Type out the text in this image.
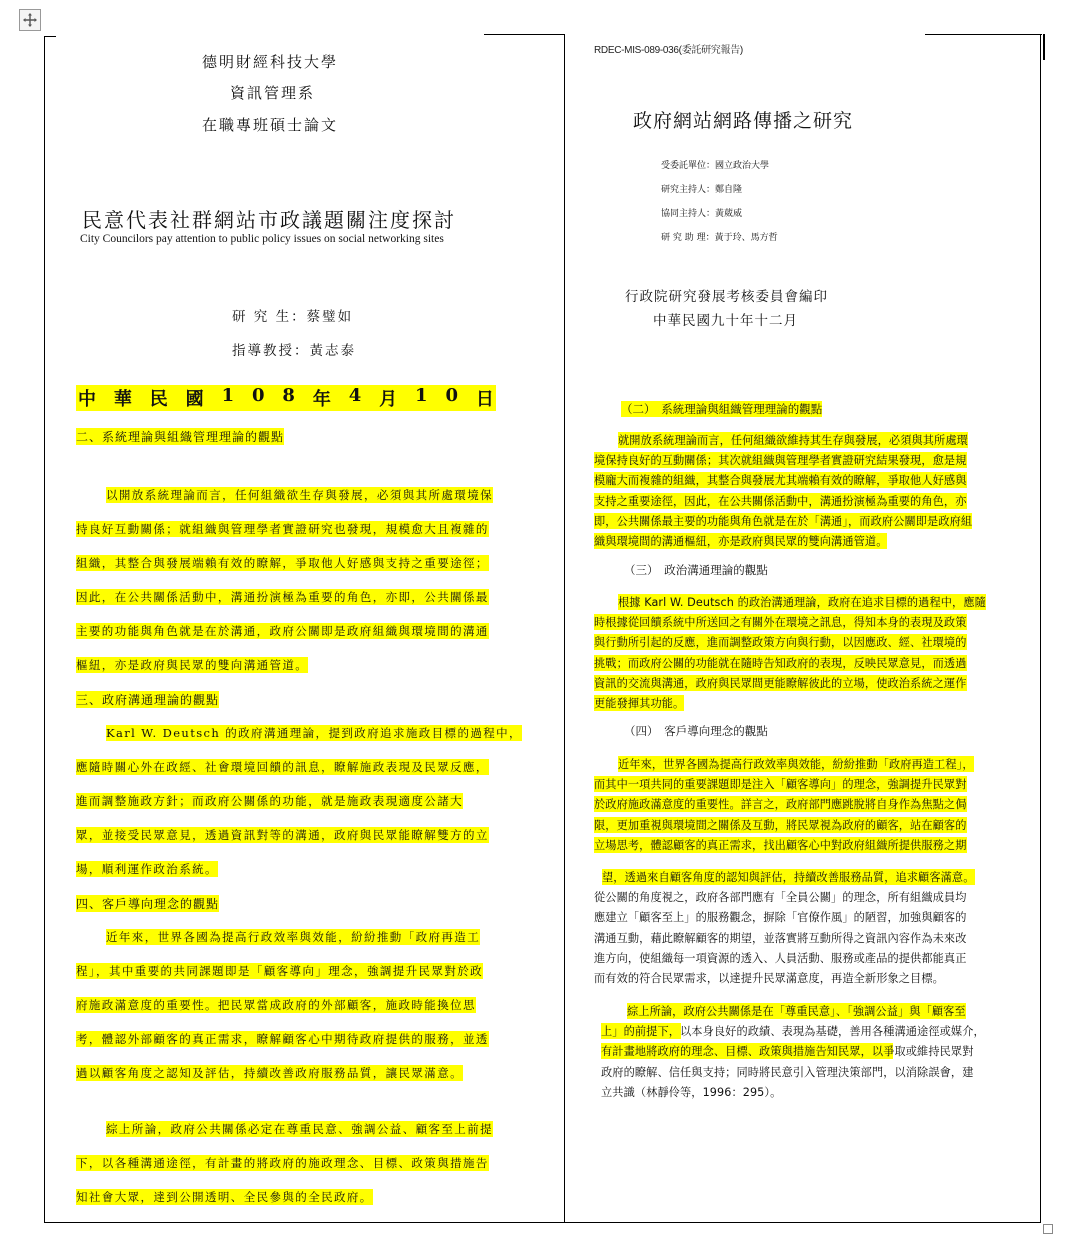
德明財經科技大學
資訊管理系
在職專班碩士論文
民意代表社群網站市政議題關注度探討
City Councilors pay attention to public policy issues on social networking sites
研 究 生：蔡璧如
指導教授：黃志泰
中 華 民 國 1 0 8 年 4 月 1 0 日
二、系統理論與組織管理理論的觀點
以開放系統理論而言，任何組織欲生存與發展，必須與其所處環境保
持良好互動關係；就組織與管理學者實證研究也發現，規模愈大且複雜的
組織，其整合與發展端賴有效的瞭解，爭取他人好感與支持之重要途徑；
因此，在公共關係活動中，溝通扮演極為重要的角色，亦即，公共關係最
主要的功能與角色就是在於溝通，政府公關即是政府組織與環境間的溝通
樞紐，亦是政府與民眾的雙向溝通管道。
三、政府溝通理論的觀點
Karl W. Deutsch 的政府溝通理論，提到政府追求施政目標的過程中，
應隨時關心外在政經、社會環境回饋的訊息，瞭解施政表現及民眾反應，
進而調整施政方針；而政府公關係的功能，就是施政表現適度公諸大
眾，並接受民眾意見，透過資訊對等的溝通，政府與民眾能瞭解雙方的立
場，順利運作政治系統。
四、客戶導向理念的觀點
近年來，世界各國為提高行政效率與效能，紛紛推動「政府再造工
程」，其中重要的共同課題即是「顧客導向」理念，強調提升民眾對於政
府施政滿意度的重要性。把民眾當成政府的外部顧客，施政時能換位思
考，體認外部顧客的真正需求，瞭解顧客心中期待政府提供的服務，並透
過以顧客角度之認知及評估，持續改善政府服務品質，讓民眾滿意。
綜上所論，政府公共關係必定在尊重民意、強調公益、顧客至上前提
下，以各種溝通途徑，有計畫的將政府的施政理念、目標、政策與措施告
知社會大眾，達到公開透明、全民參與的全民政府。
RDEC-MIS-089-036(委託研究報告)
政府網站網路傳播之研究
受委託單位：國立政治大學
研究主持人：鄭自隆
協同主持人：黃葳威
研 究 助 理：黃于玲、馬方哲
行政院研究發展考核委員會編印
中華民國九十年十二月
（二）　系統理論與組織管理理論的觀點
就開放系統理論而言，任何組織欲維持其生存與發展，必須與其所處環
境保持良好的互動關係；其次就組織與管理學者實證研究結果發現，愈是規
模龐大而複雜的組織，其整合與發展尤其端賴有效的瞭解，爭取他人好感與
支持之重要途徑，因此，在公共關係活動中，溝通扮演極為重要的角色，亦
即，公共關係最主要的功能與角色就是在於「溝通」，而政府公關即是政府組
織與環境間的溝通樞紐，亦是政府與民眾的雙向溝通管道。
（三）　政治溝通理論的觀點
根據 Karl W. Deutsch 的政治溝通理論，政府在追求目標的過程中，應隨
時根據從回饋系統中所送回之有關外在環境之訊息，得知本身的表現及政策
與行動所引起的反應，進而調整政策方向與行動，以因應政、經、社環境的
挑戰；而政府公關的功能就在隨時告知政府的表現，反映民眾意見，而透過
資訊的交流與溝通，政府與民眾間更能瞭解彼此的立場，使政治系統之運作
更能發揮其功能。
（四）　客戶導向理念的觀點
近年來，世界各國為提高行政效率與效能，紛紛推動「政府再造工程」，
而其中一項共同的重要課題即是注入「顧客導向」的理念，強調提升民眾對
於政府施政滿意度的重要性。詳言之，政府部門應跳脫將自身作為焦點之侷
限，更加重視與環境間之關係及互動，將民眾視為政府的顧客，站在顧客的
立場思考，體認顧客的真正需求，找出顧客心中對政府組織所提供服務之期
望，透過來自顧客角度的認知與評估，持續改善服務品質，追求顧客滿意。
從公關的角度視之，政府各部門應有「全員公關」的理念，所有組織成員均
應建立「顧客至上」的服務觀念，摒除「官僚作風」的陋習，加強與顧客的
溝通互動，藉此瞭解顧客的期望，並落實將互動所得之資訊內容作為未來改
進方向，使組織每一項資源的透入、人員活動、服務或產品的提供都能真正
而有效的符合民眾需求，以達提升民眾滿意度，再造全新形象之目標。
綜上所論，政府公共關係是在「尊重民意」、「強調公益」與「顧客至
上」的前提下，以本身良好的政績、表現為基礎，善用各種溝通途徑或媒介，
有計畫地將政府的理念、目標、政策與措施告知民眾，以爭取或維持民眾對
政府的瞭解、信任與支持；同時將民意引入管理決策部門，以消除誤會，建
立共識（林靜伶等，1996：295）。
